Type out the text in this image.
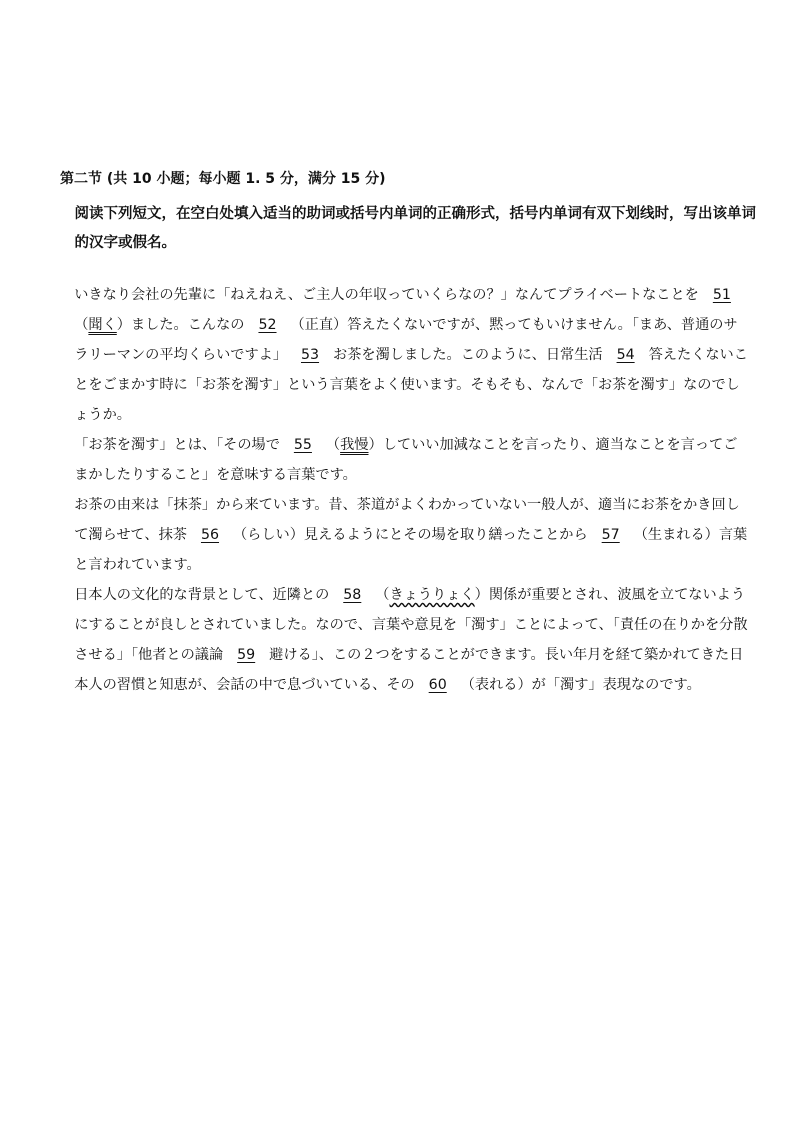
第二节 (共 10 小题；每小题 1. 5 分，满分 15 分)
阅读下列短文，在空白处填入适当的助词或括号内单词的正确形式，括号内单词有双下划线时，写出该单词的汉字或假名。

いきなり会社の先輩に「ねえねえ、ご主人の年収っていくらなの？」なんてプライベートなことを 51（聞く）ました。こんなの 52 （正直）答えたくないですが、黙ってもいけません。「まあ、普通のサラリーマンの平均くらいですよ」 53 お茶を濁しました。このように、日常生活 54 答えたくないことをごまかす時に「お茶を濁す」という言葉をよく使います。そもそも、なんで「お茶を濁す」なのでしょうか。

「お茶を濁す」とは、「その場で 55 （我慢）していい加減なことを言ったり、適当なことを言ってごまかしたりすること」を意味する言葉です。

お茶の由来は「抹茶」から来ています。昔、茶道がよくわかっていない一般人が、適当にお茶をかき回して濁らせて、抹茶 56 （らしい）見えるようにとその場を取り繕ったことから 57 （生まれる）言葉と言われています。

日本人の文化的な背景として、近隣との 58 （きょうりょく）関係が重要とされ、波風を立てないようにすることが良しとされていました。なので、言葉や意見を「濁す」ことによって、「責任の在りかを分散させる」「他者との議論 59 避ける」、この２つをすることができます。長い年月を経て築かれてきた日本人の習慣と知恵が、会話の中で息づいている、その 60 （表れる）が「濁す」表現なのです。
